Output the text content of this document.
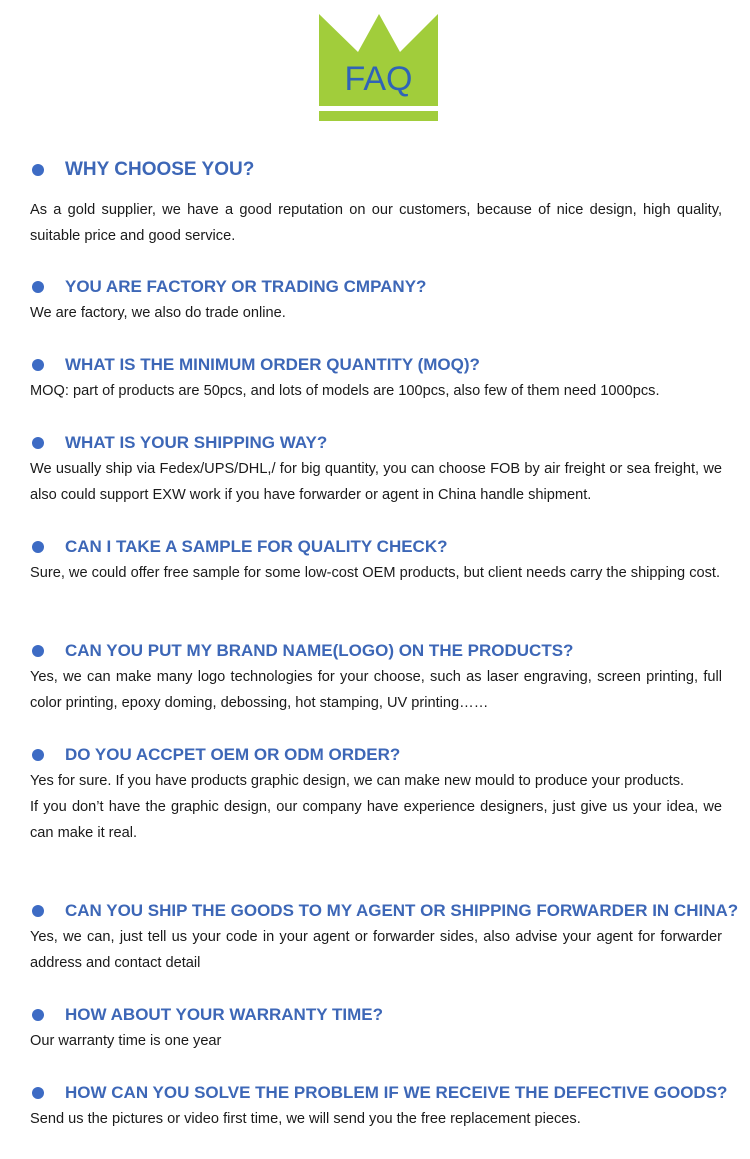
FAQ
WHY CHOOSE YOU?

As a gold supplier, we have a good reputation on our customers, because of nice design, high quality, suitable price and good service.

YOU ARE FACTORY OR TRADING CMPANY?

We are factory, we also do trade online.

WHAT IS THE MINIMUM ORDER QUANTITY (MOQ)?

MOQ: part of products are 50pcs, and lots of models are 100pcs, also few of them need 1000pcs.

WHAT IS YOUR SHIPPING WAY?

We usually ship via Fedex/UPS/DHL,/ for big quantity, you can choose FOB by air freight or sea freight, we also could support EXW work if you have forwarder or agent in China handle shipment.

CAN I TAKE A SAMPLE FOR QUALITY CHECK?

Sure, we could offer free sample for some low-cost OEM products, but client needs carry the shipping cost.

CAN YOU PUT MY BRAND NAME(LOGO) ON THE PRODUCTS?

Yes, we can make many logo technologies for your choose, such as laser engraving, screen printing, full color printing, epoxy doming, debossing, hot stamping, UV printing……

DO YOU ACCPET OEM OR ODM ORDER?

Yes for sure. If you have products graphic design, we can make new mould to produce your products.

If you don’t have the graphic design, our company have experience designers, just give us your idea, we can make it real.

CAN YOU SHIP THE GOODS TO MY AGENT OR SHIPPING FORWARDER IN CHINA?

Yes, we can, just tell us your code in your agent or forwarder sides, also advise your agent for forwarder address and contact detail

HOW ABOUT YOUR WARRANTY TIME?

Our warranty time is one year

HOW CAN YOU SOLVE THE PROBLEM IF WE RECEIVE THE DEFECTIVE GOODS?

Send us the pictures or video first time, we will send you the free replacement pieces.
